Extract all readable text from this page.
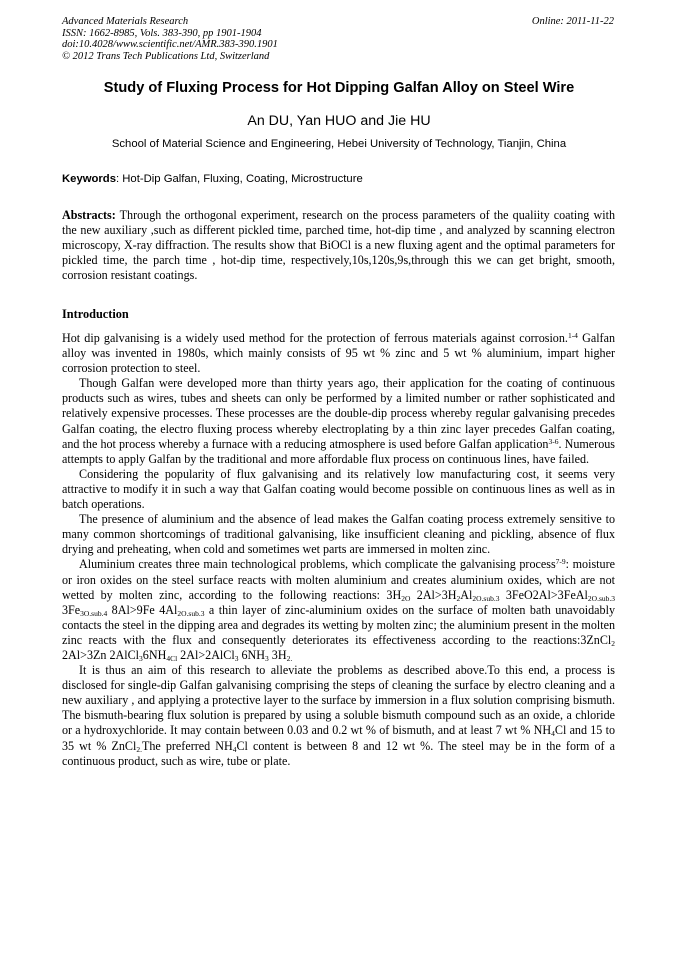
Advanced Materials Research
ISSN: 1662-8985, Vols. 383-390, pp 1901-1904
doi:10.4028/www.scientific.net/AMR.383-390.1901
© 2012 Trans Tech Publications Ltd, Switzerland
Online: 2011-11-22
Study of Fluxing Process for Hot Dipping Galfan Alloy on Steel Wire
An DU, Yan HUO and Jie HU
School of Material Science and Engineering, Hebei University of Technology, Tianjin, China
Keywords: Hot-Dip Galfan, Fluxing, Coating, Microstructure
Abstracts: Through the orthogonal experiment, research on the process parameters of the qualiity coating with the new auxiliary ,such as different pickled time, parched time, hot-dip time , and analyzed by scanning electron microscopy, X-ray diffraction. The results show that BiOCl is a new fluxing agent and the optimal parameters for pickled time, the parch time , hot-dip time, respectively,10s,120s,9s,through this we can get bright, smooth, corrosion resistant coatings.
Introduction

Hot dip galvanising is a widely used method for the protection of ferrous materials against corrosion.$^{1-4}$ Galfan alloy was invented in 1980s, which mainly consists of 95 wt % zinc and 5 wt % aluminium, impart higher corrosion protection to steel.

Though Galfan were developed more than thirty years ago, their application for the coating of continuous products such as wires, tubes and sheets can only be performed by a limited number or rather sophisticated and relatively expensive processes. These processes are the double-dip process whereby regular galvanising precedes Galfan coating, the electro fluxing process whereby electroplating by a thin zinc layer precedes Galfan coating, and the hot process whereby a furnace with a reducing atmosphere is used before Galfan application$^{3-6}$. Numerous attempts to apply Galfan by the traditional and more affordable flux process on continuous lines, have failed.

Considering the popularity of flux galvanising and its relatively low manufacturing cost, it seems very attractive to modify it in such a way that Galfan coating would become possible on continuous lines as well as in batch operations.

The presence of aluminium and the absence of lead makes the Galfan coating process extremely sensitive to many common shortcomings of traditional galvanising, like insufficient cleaning and pickling, absence of flux drying and preheating, when cold and sometimes wet parts are immersed in molten zinc.

Aluminium creates three main technological problems, which complicate the galvanising process$^{7-9}$: moisture or iron oxides on the steel surface reacts with molten aluminium and creates aluminium oxides, which are not wetted by molten zinc, according to the following reactions: $3H_{2O}$ $2Al>3H_2Al_{2O.sub.3}$ 3FeO2Al>3FeAl$_{2O.sub.3}$ $3Fe_{3O.sub.4}$ 8Al>9Fe $4Al_{2O.sub.3}$ a thin layer of zinc-aluminium oxides on the surface of molten bath unavoidably contacts the steel in the dipping area and degrades its wetting by molten zinc; the aluminium present in the molten zinc reacts with the flux and consequently deteriorates its effectiveness according to the reactions:3ZnCl$_2$ 2Al>3Zn $2AlCl_36NH_{4Cl}$ 2Al>2AlCl$_3$ $6NH_3$ $3H_{2.}$

It is thus an aim of this research to alleviate the problems as described above.To this end, a process is disclosed for single-dip Galfan galvanising comprising the steps of cleaning the surface by electro cleaning and a new auxiliary , and applying a protective layer to the surface by immersion in a flux solution comprising bismuth. The bismuth-bearing flux solution is prepared by using a soluble bismuth compound such as an oxide, a chloride or a hydroxychloride. It may contain between 0.03 and 0.2 wt % of bismuth, and at least 7 wt % $NH_4Cl$ and 15 to 35 wt % ZnCl$_{2.}$The preferred $NH_4Cl$ content is between 8 and 12 wt %. The steel may be in the form of a continuous product, such as wire, tube or plate.
